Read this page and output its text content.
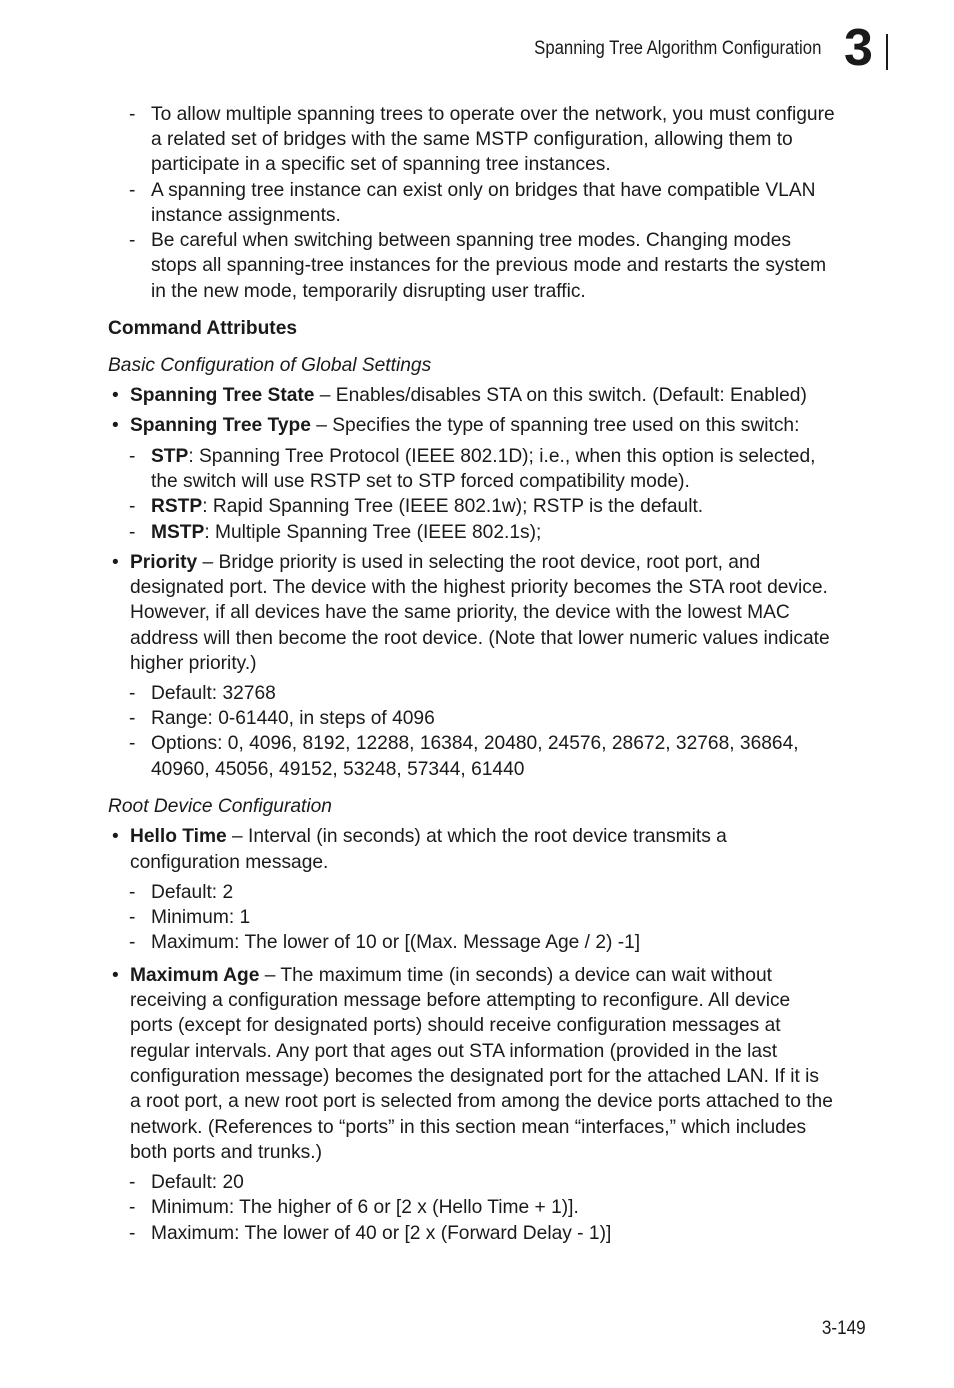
Spanning Tree Algorithm Configuration 3
- To allow multiple spanning trees to operate over the network, you must configure
a related set of bridges with the same MSTP configuration, allowing them to
participate in a specific set of spanning tree instances.
- A spanning tree instance can exist only on bridges that have compatible VLAN
instance assignments.
- Be careful when switching between spanning tree modes. Changing modes
stops all spanning-tree instances for the previous mode and restarts the system
in the new mode, temporarily disrupting user traffic.
Command Attributes
Basic Configuration of Global Settings
• Spanning Tree State – Enables/disables STA on this switch. (Default: Enabled)
• Spanning Tree Type – Specifies the type of spanning tree used on this switch:
- STP: Spanning Tree Protocol (IEEE 802.1D); i.e., when this option is selected,
the switch will use RSTP set to STP forced compatibility mode).
- RSTP: Rapid Spanning Tree (IEEE 802.1w); RSTP is the default.
- MSTP: Multiple Spanning Tree (IEEE 802.1s);
• Priority – Bridge priority is used in selecting the root device, root port, and
designated port. The device with the highest priority becomes the STA root device.
However, if all devices have the same priority, the device with the lowest MAC
address will then become the root device. (Note that lower numeric values indicate
higher priority.)
- Default: 32768
- Range: 0-61440, in steps of 4096
- Options: 0, 4096, 8192, 12288, 16384, 20480, 24576, 28672, 32768, 36864,
40960, 45056, 49152, 53248, 57344, 61440
Root Device Configuration
• Hello Time – Interval (in seconds) at which the root device transmits a
configuration message.
- Default: 2
- Minimum: 1
- Maximum: The lower of 10 or [(Max. Message Age / 2) -1]
• Maximum Age – The maximum time (in seconds) a device can wait without
receiving a configuration message before attempting to reconfigure. All device
ports (except for designated ports) should receive configuration messages at
regular intervals. Any port that ages out STA information (provided in the last
configuration message) becomes the designated port for the attached LAN. If it is
a root port, a new root port is selected from among the device ports attached to the
network. (References to “ports” in this section mean “interfaces,” which includes
both ports and trunks.)
- Default: 20
- Minimum: The higher of 6 or [2 x (Hello Time + 1)].
- Maximum: The lower of 40 or [2 x (Forward Delay - 1)]
3-149
